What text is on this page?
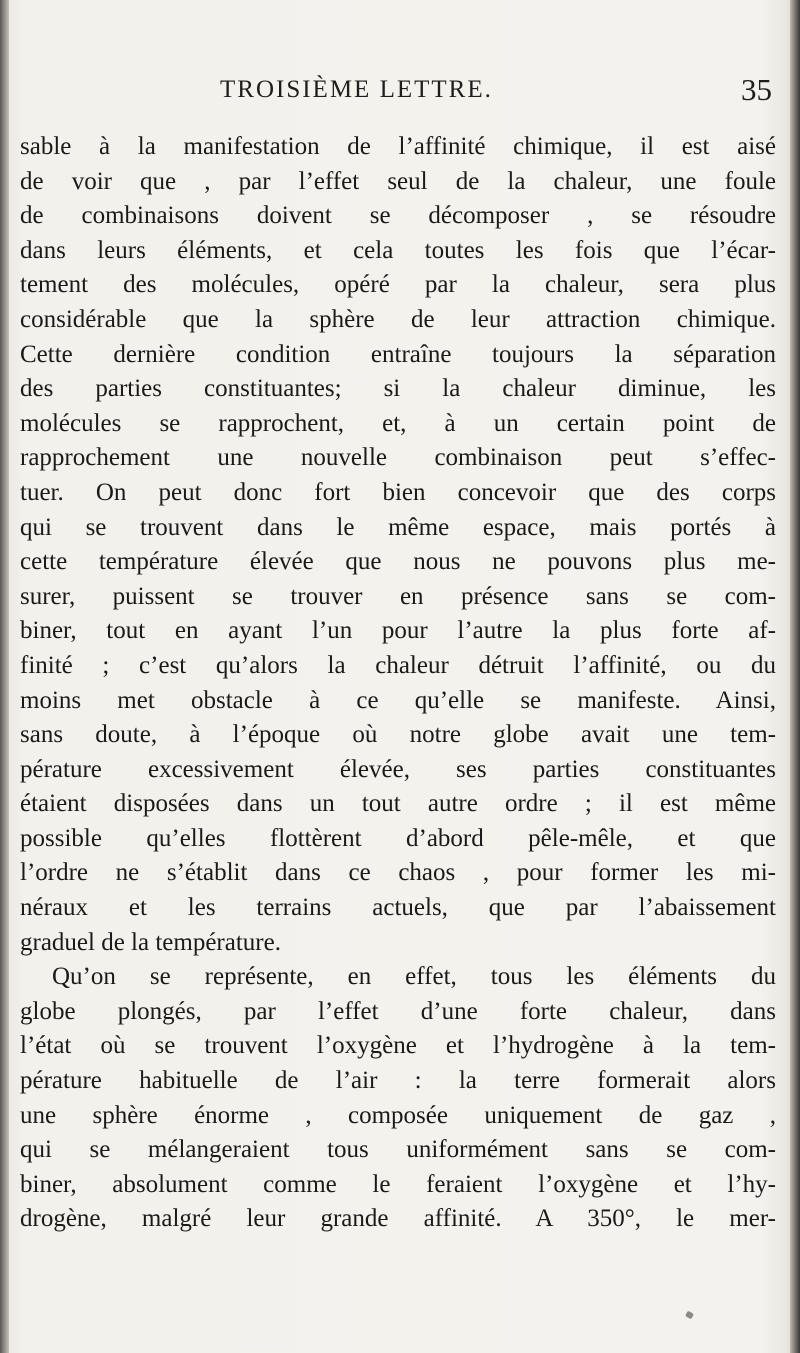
TROISIÈME LETTRE.	35
sable à la manifestation de l’affinité chimique, il est aisé
de voir que , par l’effet seul de la chaleur, une foule
de combinaisons doivent se décomposer , se résoudre
dans leurs éléments, et cela toutes les fois que l’écar-
tement des molécules, opéré par la chaleur, sera plus
considérable que la sphère de leur attraction chimique.
Cette dernière condition entraîne toujours la séparation
des parties constituantes; si la chaleur diminue, les
molécules se rapprochent, et, à un certain point de
rapprochement une nouvelle combinaison peut s’effec-
tuer. On peut donc fort bien concevoir que des corps
qui se trouvent dans le même espace, mais portés à
cette température élevée que nous ne pouvons plus me-
surer, puissent se trouver en présence sans se com-
biner, tout en ayant l’un pour l’autre la plus forte af-
finité ; c’est qu’alors la chaleur détruit l’affinité, ou du
moins met obstacle à ce qu’elle se manifeste. Ainsi,
sans doute, à l’époque où notre globe avait une tem-
pérature excessivement élevée, ses parties constituantes
étaient disposées dans un tout autre ordre ; il est même
possible qu’elles flottèrent d’abord pêle-mêle, et que
l’ordre ne s’établit dans ce chaos , pour former les mi-
néraux et les terrains actuels, que par l’abaissement
graduel de la température.
Qu’on se représente, en effet, tous les éléments du
globe plongés, par l’effet d’une forte chaleur, dans
l’état où se trouvent l’oxygène et l’hydrogène à la tem-
pérature habituelle de l’air : la terre formerait alors
une sphère énorme , composée uniquement de gaz ,
qui se mélangeraient tous uniformément sans se com-
biner, absolument comme le feraient l’oxygène et l’hy-
drogène, malgré leur grande affinité. A 350°, le mer-
